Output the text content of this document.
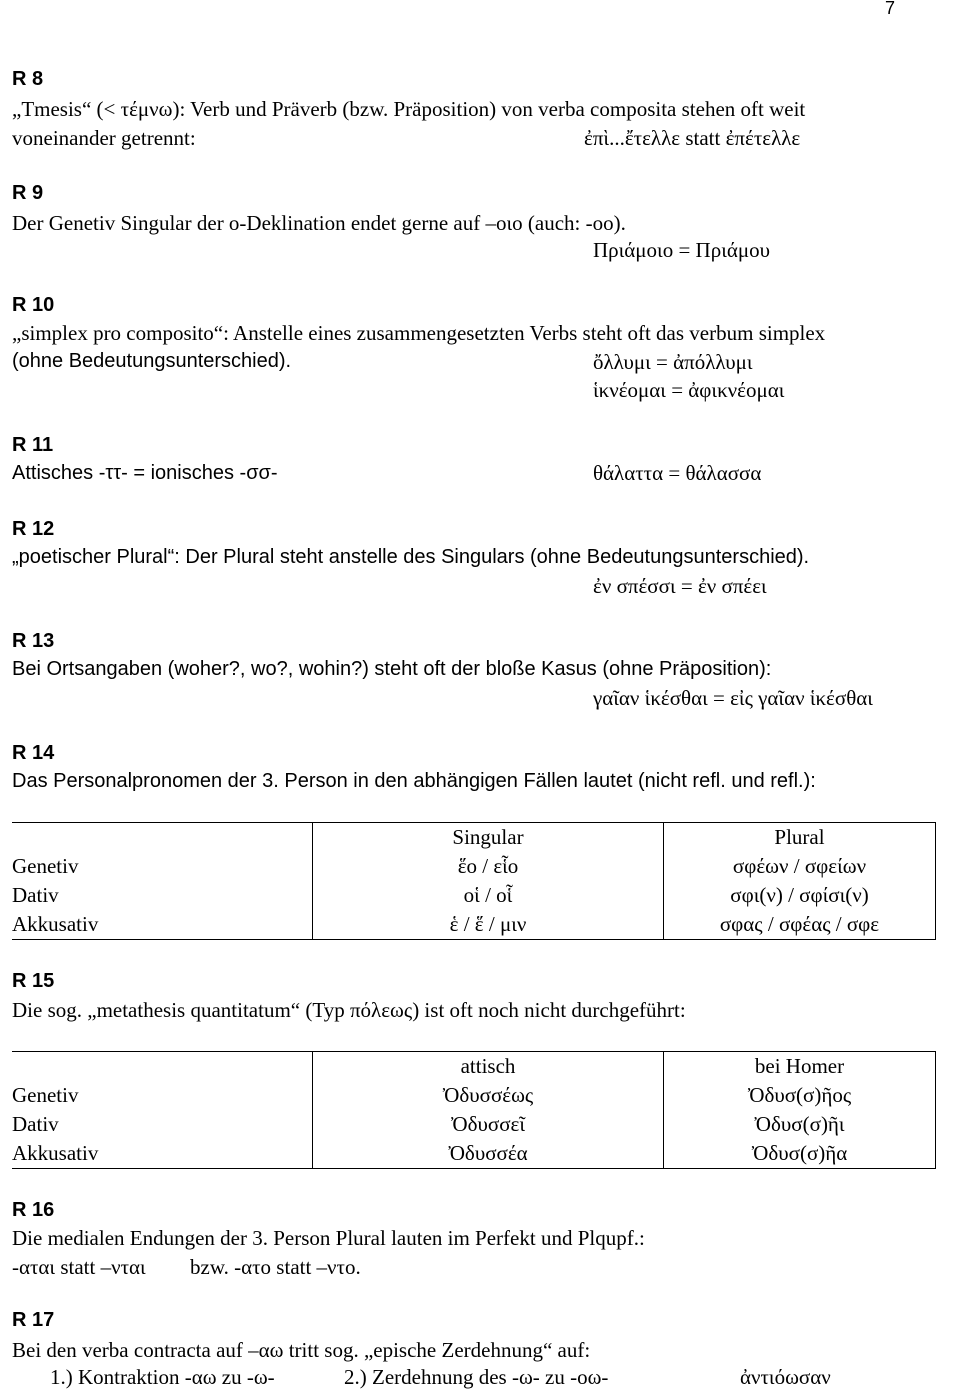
7
R 8
„Tmesis“ (< τέμνω): Verb und Präverb (bzw. Präposition) von verba composita stehen oft weit
voneinander getrennt:	ἐπὶ...ἔτελλε statt ἐπέτελλε
R 9
Der Genetiv Singular der o-Deklination endet gerne auf –οιο (auch: -οο).
Πριάμοιο = Πριάμου
R 10
„simplex pro composito“: Anstelle eines zusammengesetzten Verbs steht oft das verbum simplex
(ohne Bedeutungsunterschied).	ὄλλυμι = ἀπόλλυμι
ἱκνέομαι = ἀφικνέομαι
R 11
Attisches -ττ- = ionisches -σσ-	θάλαττα = θάλασσα
R 12
„poetischer Plural“: Der Plural steht anstelle des Singulars (ohne Bedeutungsunterschied).
ἐν σπέσσι = ἐν σπέει
R 13
Bei Ortsangaben (woher?, wo?, wohin?) steht oft der bloße Kasus (ohne Präposition):
γαῖαν ἱκέσθαι = εἰς γαῖαν ἱκέσθαι
R 14
Das Personalpronomen der 3. Person in den abhängigen Fällen lautet (nicht refl. und refl.):
	Singular	Plural
Genetiv	ἕο / εἷο	σφέων / σφείων
Dativ	οἱ / οἷ	σφι(ν) / σφίσι(ν)
Akkusativ	ἑ / ἕ / μιν	σφας / σφέας / σφε
R 15
Die sog. „metathesis quantitatum“ (Typ πόλεως) ist oft noch nicht durchgeführt:
	attisch	bei Homer
Genetiv	Ὀδυσσέως	Ὀδυσ(σ)ῆος
Dativ	Ὀδυσσεῖ	Ὀδυσ(σ)ῆι
Akkusativ	Ὀδυσσέα	Ὀδυσ(σ)ῆα
R 16
Die medialen Endungen der 3. Person Plural lauten im Perfekt und Plqupf.:
-αται statt –νται bzw. -ατο statt –ντο.
R 17
Bei den verba contracta auf –αω tritt sog. „epische Zerdehnung“ auf:
1.) Kontraktion -αω zu -ω-	2.) Zerdehnung des -ω- zu -οω-	ἀντιόωσαν
